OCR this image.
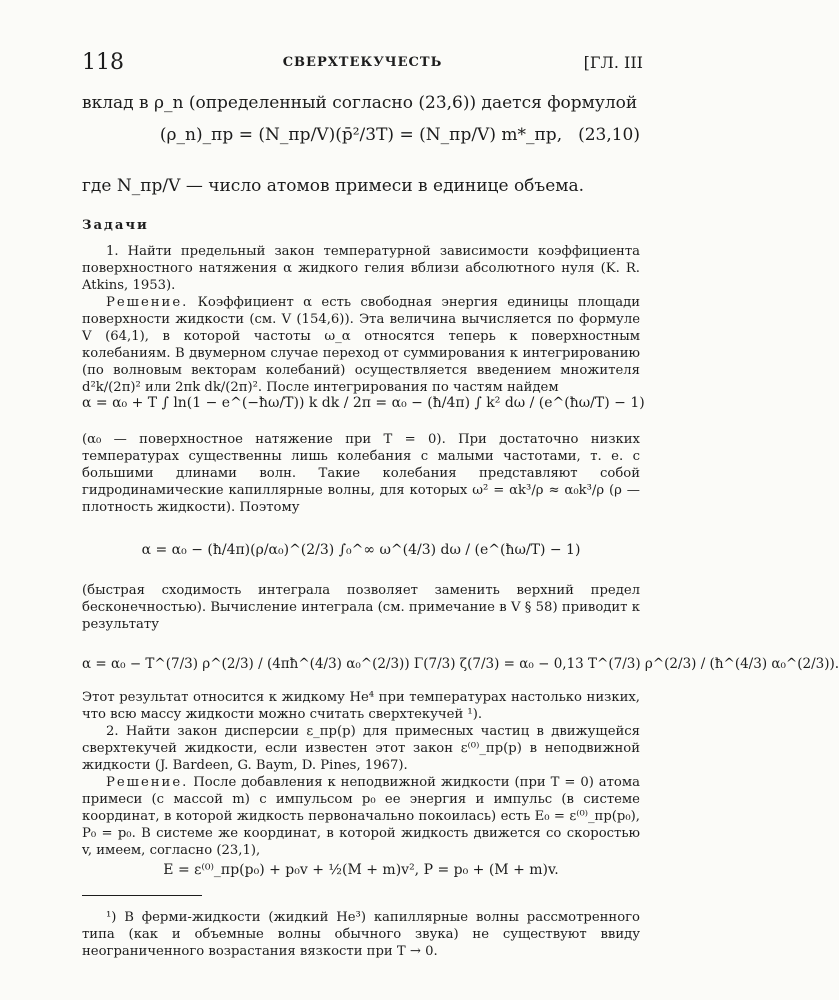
118	СВЕРХТЕКУЧЕСТЬ	[ГЛ. III
вклад в ρ_n (определенный согласно (23,6)) дается формулой
(ρ_n)_пр = (N_пр/V)(p̄²/3T) = (N_пр/V) m*_пр, (23,10)
где N_пр/V — число атомов примеси в единице объема.
Задачи
1. Найти предельный закон температурной зависимости коэффициента поверхностного натяжения α жидкого гелия вблизи абсолютного нуля (K. R. Atkins, 1953).
Решение. Коэффициент α есть свободная энергия единицы площади поверхности жидкости (см. V (154,6)). Эта величина вычисляется по формуле V (64,1), в которой частоты ω_α относятся теперь к поверхностным колебаниям. В двумерном случае переход от суммирования к интегрированию (по волновым векторам колебаний) осуществляется введением множителя d²k/(2π)² или 2πk dk/(2π)². После интегрирования по частям найдем
α = α₀ + T ∫ ln(1 − e^(−ħω/T)) k dk / 2π = α₀ − (ħ/4π) ∫ k² dω / (e^(ħω/T) − 1)
(α₀ — поверхностное натяжение при T = 0). При достаточно низких температурах существенны лишь колебания с малыми частотами, т. е. с большими длинами волн. Такие колебания представляют собой гидродинамические капиллярные волны, для которых ω² = αk³/ρ ≈ α₀k³/ρ (ρ — плотность жидкости). Поэтому
α = α₀ − (ħ/4π)(ρ/α₀)^(2/3) ∫₀^∞ ω^(4/3) dω / (e^(ħω/T) − 1)
(быстрая сходимость интеграла позволяет заменить верхний предел бесконечностью). Вычисление интеграла (см. примечание в V § 58) приводит к результату
α = α₀ − T^(7/3) ρ^(2/3) / (4πħ^(4/3) α₀^(2/3)) Γ(7/3) ζ(7/3) = α₀ − 0,13 T^(7/3) ρ^(2/3) / (ħ^(4/3) α₀^(2/3)).
Этот результат относится к жидкому He⁴ при температурах настолько низких, что всю массу жидкости можно считать сверхтекучей ¹).
2. Найти закон дисперсии ε_пр(p) для примесных частиц в движущейся сверхтекучей жидкости, если известен этот закон ε⁽⁰⁾_пр(p) в неподвижной жидкости (J. Bardeen, G. Baym, D. Pines, 1967).
Решение. После добавления к неподвижной жидкости (при T = 0) атома примеси (с массой m) с импульсом p₀ ее энергия и импульс (в системе координат, в которой жидкость первоначально покоилась) есть E₀ = ε⁽⁰⁾_пр(p₀), P₀ = p₀. В системе же координат, в которой жидкость движется со скоростью v, имеем, согласно (23,1),
E = ε⁽⁰⁾_пр(p₀) + p₀v + ½(M + m)v², P = p₀ + (M + m)v.
¹) В ферми-жидкости (жидкий He³) капиллярные волны рассмотренного типа (как и объемные волны обычного звука) не существуют ввиду неограниченного возрастания вязкости при T → 0.
